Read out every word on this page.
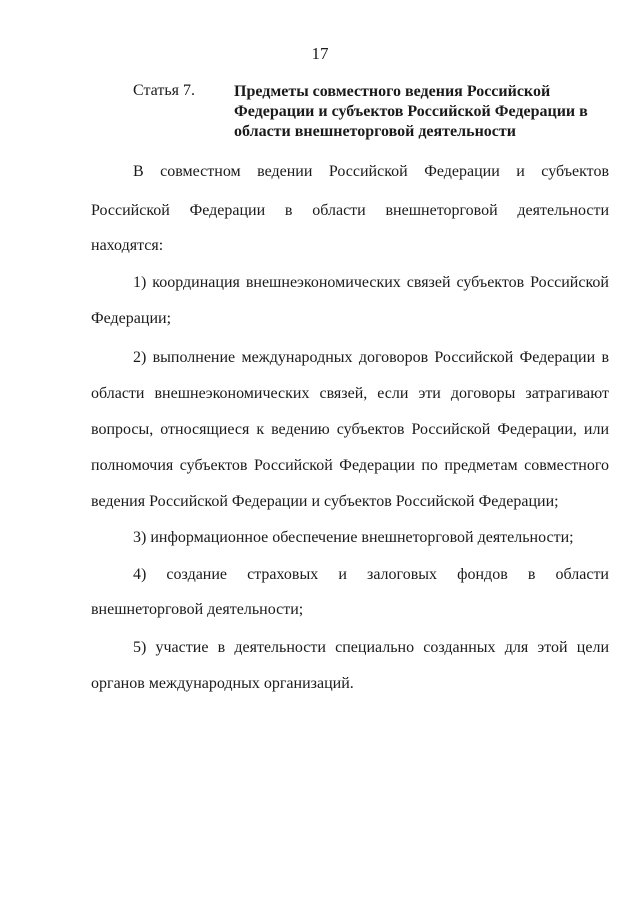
17
Статья 7. Предметы совместного ведения Российской Федерации и субъектов Российской Федерации в области внешнеторговой деятельности
В совместном ведении Российской Федерации и субъектов
Российской Федерации в области внешнеторговой деятельности
находятся:
1) координация внешнеэкономических связей субъектов Российской
Федерации;
2) выполнение международных договоров Российской Федерации в
области внешнеэкономических связей, если эти договоры затрагивают
вопросы, относящиеся к ведению субъектов Российской Федерации, или
полномочия субъектов Российской Федерации по предметам совместного
ведения Российской Федерации и субъектов Российской Федерации;
3) информационное обеспечение внешнеторговой деятельности;
4) создание страховых и залоговых фондов в области
внешнеторговой деятельности;
5) участие в деятельности специально созданных для этой цели
органов международных организаций.
